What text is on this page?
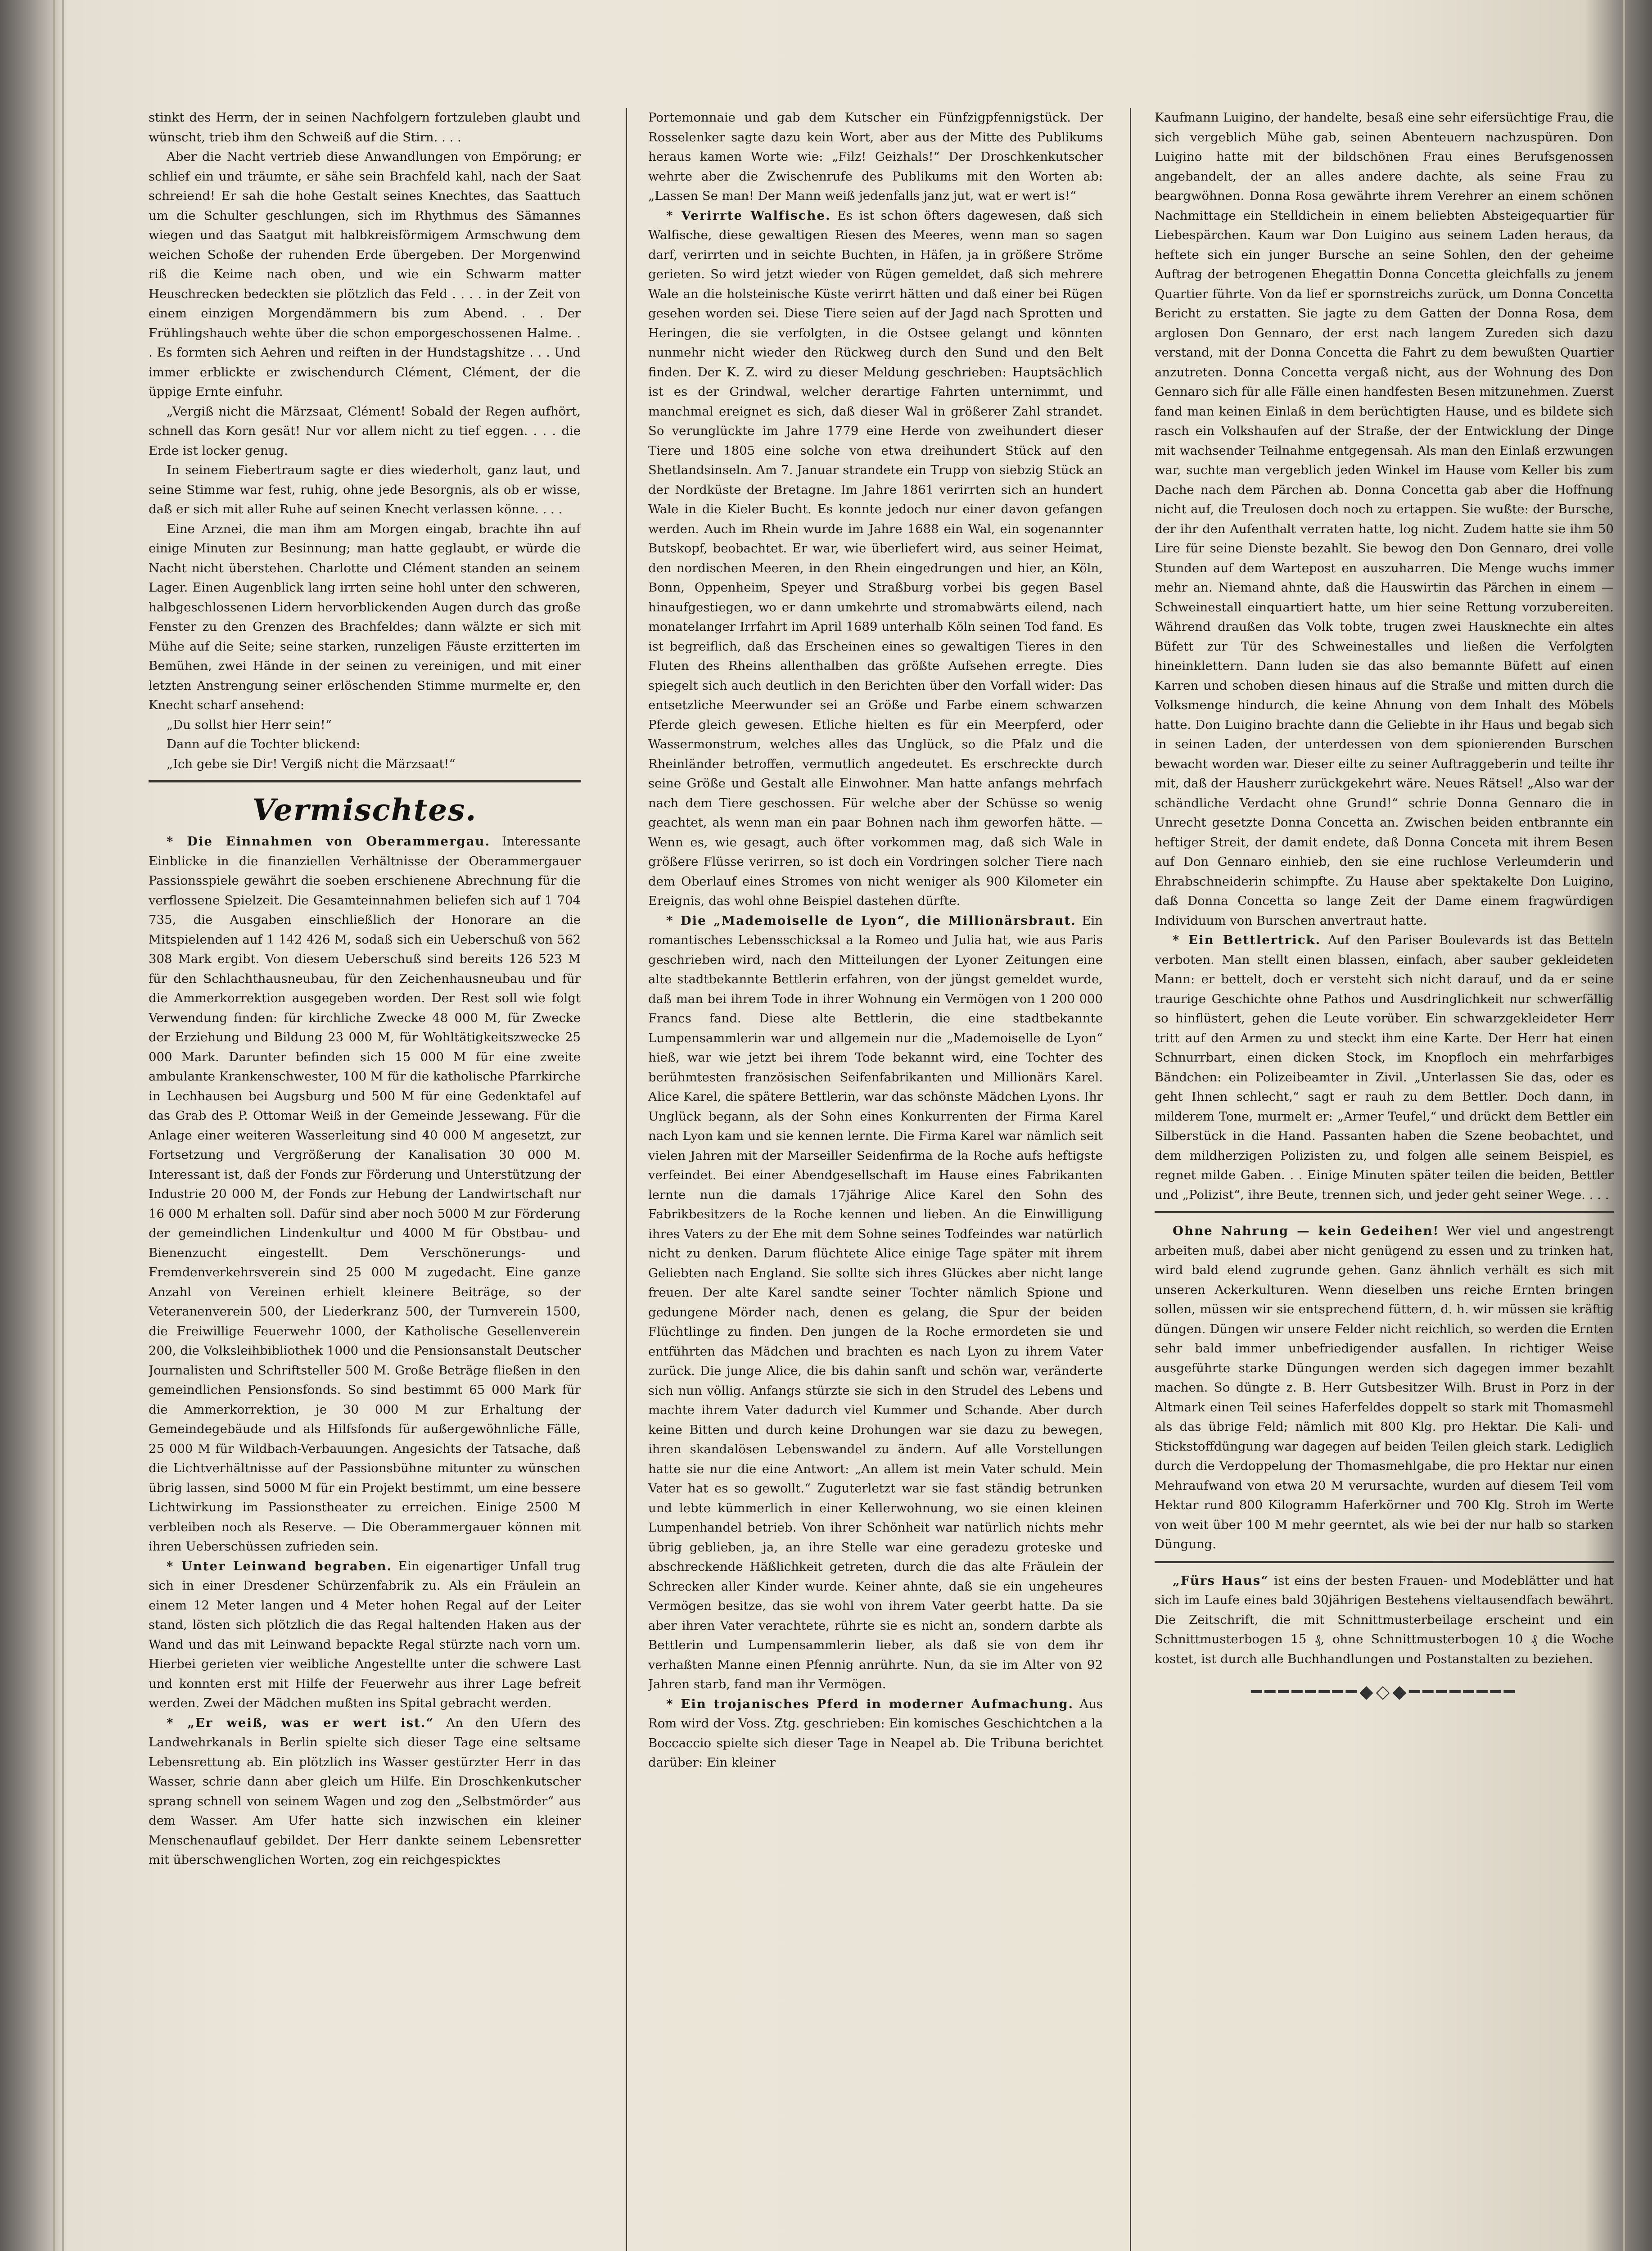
stinkt des Herrn, der in seinen Nachfolgern fortzuleben glaubt und wünscht, trieb ihm den Schweiß auf die Stirn. . . .

Aber die Nacht vertrieb diese Anwandlungen von Empörung; er schlief ein und träumte, er sähe sein Brachfeld kahl, nach der Saat schreiend! Er sah die hohe Gestalt seines Knechtes, das Saattuch um die Schulter geschlungen, sich im Rhythmus des Sämannes wiegen und das Saatgut mit halbkreisförmigem Armschwung dem weichen Schoße der ruhenden Erde übergeben. Der Morgenwind riß die Keime nach oben, und wie ein Schwarm matter Heuschrecken bedeckten sie plötzlich das Feld . . . . in der Zeit von einem einzigen Morgendämmern bis zum Abend. . . Der Frühlingshauch wehte über die schon emporgeschossenen Halme. . . Es formten sich Aehren und reiften in der Hundstagshitze . . . Und immer erblickte er zwischendurch Clément, Clément, der die üppige Ernte einfuhr.

„Vergiß nicht die Märzsaat, Clément! Sobald der Regen aufhört, schnell das Korn gesät! Nur vor allem nicht zu tief eggen. . . . die Erde ist locker genug.

In seinem Fiebertraum sagte er dies wiederholt, ganz laut, und seine Stimme war fest, ruhig, ohne jede Besorgnis, als ob er wisse, daß er sich mit aller Ruhe auf seinen Knecht verlassen könne. . . .

Eine Arznei, die man ihm am Morgen eingab, brachte ihn auf einige Minuten zur Besinnung; man hatte geglaubt, er würde die Nacht nicht überstehen. Charlotte und Clément standen an seinem Lager. Einen Augenblick lang irrten seine hohl unter den schweren, halbgeschlossenen Lidern hervorblickenden Augen durch das große Fenster zu den Grenzen des Brachfeldes; dann wälzte er sich mit Mühe auf die Seite; seine starken, runzeligen Fäuste erzitterten im Bemühen, zwei Hände in der seinen zu vereinigen, und mit einer letzten Anstrengung seiner erlöschenden Stimme murmelte er, den Knecht scharf ansehend:

„Du sollst hier Herr sein!“

Dann auf die Tochter blickend:

„Ich gebe sie Dir! Vergiß nicht die Märzsaat!“

Vermischtes.

* Die Einnahmen von Oberammergau. Interessante Einblicke in die finanziellen Verhältnisse der Oberammergauer Passionsspiele gewährt die soeben erschienene Abrechnung für die verflossene Spielzeit. Die Gesamteinnahmen beliefen sich auf 1 704 735, die Ausgaben einschließlich der Honorare an die Mitspielenden auf 1 142 426 M, sodaß sich ein Ueberschuß von 562 308 Mark ergibt. Von diesem Ueberschuß sind bereits 126 523 M für den Schlachthausneubau, für den Zeichenhausneubau und für die Ammerkorrektion ausgegeben worden. Der Rest soll wie folgt Verwendung finden: für kirchliche Zwecke 48 000 M, für Zwecke der Erziehung und Bildung 23 000 M, für Wohltätigkeitszwecke 25 000 Mark. Darunter befinden sich 15 000 M für eine zweite ambulante Krankenschwester, 100 M für die katholische Pfarrkirche in Lechhausen bei Augsburg und 500 M für eine Gedenktafel auf das Grab des P. Ottomar Weiß in der Gemeinde Jessewang. Für die Anlage einer weiteren Wasserleitung sind 40 000 M angesetzt, zur Fortsetzung und Vergrößerung der Kanalisation 30 000 M. Interessant ist, daß der Fonds zur Förderung und Unterstützung der Industrie 20 000 M, der Fonds zur Hebung der Landwirtschaft nur 16 000 M erhalten soll. Dafür sind aber noch 5000 M zur Förderung der gemeindlichen Lindenkultur und 4000 M für Obstbau- und Bienenzucht eingestellt. Dem Verschönerungs- und Fremdenverkehrsverein sind 25 000 M zugedacht. Eine ganze Anzahl von Vereinen erhielt kleinere Beiträge, so der Veteranenverein 500, der Liederkranz 500, der Turnverein 1500, die Freiwillige Feuerwehr 1000, der Katholische Gesellenverein 200, die Volksleihbibliothek 1000 und die Pensionsanstalt Deutscher Journalisten und Schriftsteller 500 M. Große Beträge fließen in den gemeindlichen Pensionsfonds. So sind bestimmt 65 000 Mark für die Ammerkorrektion, je 30 000 M zur Erhaltung der Gemeindegebäude und als Hilfsfonds für außergewöhnliche Fälle, 25 000 M für Wildbach-Verbauungen. Angesichts der Tatsache, daß die Lichtverhältnisse auf der Passionsbühne mitunter zu wünschen übrig lassen, sind 5000 M für ein Projekt bestimmt, um eine bessere Lichtwirkung im Passionstheater zu erreichen. Einige 2500 M verbleiben noch als Reserve. — Die Oberammergauer können mit ihren Ueberschüssen zufrieden sein.

* Unter Leinwand begraben. Ein eigenartiger Unfall trug sich in einer Dresdener Schürzenfabrik zu. Als ein Fräulein an einem 12 Meter langen und 4 Meter hohen Regal auf der Leiter stand, lösten sich plötzlich die das Regal haltenden Haken aus der Wand und das mit Leinwand bepackte Regal stürzte nach vorn um. Hierbei gerieten vier weibliche Angestellte unter die schwere Last und konnten erst mit Hilfe der Feuerwehr aus ihrer Lage befreit werden. Zwei der Mädchen mußten ins Spital gebracht werden.

* „Er weiß, was er wert ist.“ An den Ufern des Landwehrkanals in Berlin spielte sich dieser Tage eine seltsame Lebensrettung ab. Ein plötzlich ins Wasser gestürzter Herr in das Wasser, schrie dann aber gleich um Hilfe. Ein Droschkenkutscher sprang schnell von seinem Wagen und zog den „Selbstmörder“ aus dem Wasser. Am Ufer hatte sich inzwischen ein kleiner Menschenauflauf gebildet. Der Herr dankte seinem Lebensretter mit überschwenglichen Worten, zog ein reichgespicktes

Portemonnaie und gab dem Kutscher ein Fünfzigpfennigstück. Der Rosselenker sagte dazu kein Wort, aber aus der Mitte des Publikums heraus kamen Worte wie: „Filz! Geizhals!“ Der Droschkenkutscher wehrte aber die Zwischenrufe des Publikums mit den Worten ab: „Lassen Se man! Der Mann weiß jedenfalls janz jut, wat er wert is!“

* Verirrte Walfische. Es ist schon öfters dagewesen, daß sich Walfische, diese gewaltigen Riesen des Meeres, wenn man so sagen darf, verirrten und in seichte Buchten, in Häfen, ja in größere Ströme gerieten. So wird jetzt wieder von Rügen gemeldet, daß sich mehrere Wale an die holsteinische Küste verirrt hätten und daß einer bei Rügen gesehen worden sei. Diese Tiere seien auf der Jagd nach Sprotten und Heringen, die sie verfolgten, in die Ostsee gelangt und könnten nunmehr nicht wieder den Rückweg durch den Sund und den Belt finden. Der K. Z. wird zu dieser Meldung geschrieben: Hauptsächlich ist es der Grindwal, welcher derartige Fahrten unternimmt, und manchmal ereignet es sich, daß dieser Wal in größerer Zahl strandet. So verunglückte im Jahre 1779 eine Herde von zweihundert dieser Tiere und 1805 eine solche von etwa dreihundert Stück auf den Shetlandsinseln. Am 7. Januar strandete ein Trupp von siebzig Stück an der Nordküste der Bretagne. Im Jahre 1861 verirrten sich an hundert Wale in die Kieler Bucht. Es konnte jedoch nur einer davon gefangen werden. Auch im Rhein wurde im Jahre 1688 ein Wal, ein sogenannter Butskopf, beobachtet. Er war, wie überliefert wird, aus seiner Heimat, den nordischen Meeren, in den Rhein eingedrungen und hier, an Köln, Bonn, Oppenheim, Speyer und Straßburg vorbei bis gegen Basel hinaufgestiegen, wo er dann umkehrte und stromabwärts eilend, nach monatelanger Irrfahrt im April 1689 unterhalb Köln seinen Tod fand. Es ist begreiflich, daß das Erscheinen eines so gewaltigen Tieres in den Fluten des Rheins allenthalben das größte Aufsehen erregte. Dies spiegelt sich auch deutlich in den Berichten über den Vorfall wider: Das entsetzliche Meerwunder sei an Größe und Farbe einem schwarzen Pferde gleich gewesen. Etliche hielten es für ein Meerpferd, oder Wassermonstrum, welches alles das Unglück, so die Pfalz und die Rheinländer betroffen, vermutlich angedeutet. Es erschreckte durch seine Größe und Gestalt alle Einwohner. Man hatte anfangs mehrfach nach dem Tiere geschossen. Für welche aber der Schüsse so wenig geachtet, als wenn man ein paar Bohnen nach ihm geworfen hätte. — Wenn es, wie gesagt, auch öfter vorkommen mag, daß sich Wale in größere Flüsse verirren, so ist doch ein Vordringen solcher Tiere nach dem Oberlauf eines Stromes von nicht weniger als 900 Kilometer ein Ereignis, das wohl ohne Beispiel dastehen dürfte.

* Die „Mademoiselle de Lyon“, die Millionärsbraut. Ein romantisches Lebensschicksal a la Romeo und Julia hat, wie aus Paris geschrieben wird, nach den Mitteilungen der Lyoner Zeitungen eine alte stadtbekannte Bettlerin erfahren, von der jüngst gemeldet wurde, daß man bei ihrem Tode in ihrer Wohnung ein Vermögen von 1 200 000 Francs fand. Diese alte Bettlerin, die eine stadtbekannte Lumpensammlerin war und allgemein nur die „Mademoiselle de Lyon“ hieß, war wie jetzt bei ihrem Tode bekannt wird, eine Tochter des berühmtesten französischen Seifenfabrikanten und Millionärs Karel. Alice Karel, die spätere Bettlerin, war das schönste Mädchen Lyons. Ihr Unglück begann, als der Sohn eines Konkurrenten der Firma Karel nach Lyon kam und sie kennen lernte. Die Firma Karel war nämlich seit vielen Jahren mit der Marseiller Seidenfirma de la Roche aufs heftigste verfeindet. Bei einer Abendgesellschaft im Hause eines Fabrikanten lernte nun die damals 17jährige Alice Karel den Sohn des Fabrikbesitzers de la Roche kennen und lieben. An die Einwilligung ihres Vaters zu der Ehe mit dem Sohne seines Todfeindes war natürlich nicht zu denken. Darum flüchtete Alice einige Tage später mit ihrem Geliebten nach England. Sie sollte sich ihres Glückes aber nicht lange freuen. Der alte Karel sandte seiner Tochter nämlich Spione und gedungene Mörder nach, denen es gelang, die Spur der beiden Flüchtlinge zu finden. Den jungen de la Roche ermordeten sie und entführten das Mädchen und brachten es nach Lyon zu ihrem Vater zurück. Die junge Alice, die bis dahin sanft und schön war, veränderte sich nun völlig. Anfangs stürzte sie sich in den Strudel des Lebens und machte ihrem Vater dadurch viel Kummer und Schande. Aber durch keine Bitten und durch keine Drohungen war sie dazu zu bewegen, ihren skandalösen Lebenswandel zu ändern. Auf alle Vorstellungen hatte sie nur die eine Antwort: „An allem ist mein Vater schuld. Mein Vater hat es so gewollt.“ Zuguterletzt war sie fast ständig betrunken und lebte kümmerlich in einer Kellerwohnung, wo sie einen kleinen Lumpenhandel betrieb. Von ihrer Schönheit war natürlich nichts mehr übrig geblieben, ja, an ihre Stelle war eine geradezu groteske und abschreckende Häßlichkeit getreten, durch die das alte Fräulein der Schrecken aller Kinder wurde. Keiner ahnte, daß sie ein ungeheures Vermögen besitze, das sie wohl von ihrem Vater geerbt hatte. Da sie aber ihren Vater verachtete, rührte sie es nicht an, sondern darbte als Bettlerin und Lumpensammlerin lieber, als daß sie von dem ihr verhaßten Manne einen Pfennig anrührte. Nun, da sie im Alter von 92 Jahren starb, fand man ihr Vermögen.

* Ein trojanisches Pferd in moderner Aufmachung. Aus Rom wird der Voss. Ztg. geschrieben: Ein komisches Geschichtchen a la Boccaccio spielte sich dieser Tage in Neapel ab. Die Tribuna berichtet darüber: Ein kleiner

Kaufmann Luigino, der handelte, besaß eine sehr eifersüchtige Frau, die sich vergeblich Mühe gab, seinen Abenteuern nachzuspüren. Don Luigino hatte mit der bildschönen Frau eines Berufsgenossen angebandelt, der an alles andere dachte, als seine Frau zu beargwöhnen. Donna Rosa gewährte ihrem Verehrer an einem schönen Nachmittage ein Stelldichein in einem beliebten Absteigequartier für Liebespärchen. Kaum war Don Luigino aus seinem Laden heraus, da heftete sich ein junger Bursche an seine Sohlen, den der geheime Auftrag der betrogenen Ehegattin Donna Concetta gleichfalls zu jenem Quartier führte. Von da lief er spornstreichs zurück, um Donna Concetta Bericht zu erstatten. Sie jagte zu dem Gatten der Donna Rosa, dem arglosen Don Gennaro, der erst nach langem Zureden sich dazu verstand, mit der Donna Concetta die Fahrt zu dem bewußten Quartier anzutreten. Donna Concetta vergaß nicht, aus der Wohnung des Don Gennaro sich für alle Fälle einen handfesten Besen mitzunehmen. Zuerst fand man keinen Einlaß in dem berüchtigten Hause, und es bildete sich rasch ein Volkshaufen auf der Straße, der der Entwicklung der Dinge mit wachsender Teilnahme entgegensah. Als man den Einlaß erzwungen war, suchte man vergeblich jeden Winkel im Hause vom Keller bis zum Dache nach dem Pärchen ab. Donna Concetta gab aber die Hoffnung nicht auf, die Treulosen doch noch zu ertappen. Sie wußte: der Bursche, der ihr den Aufenthalt verraten hatte, log nicht. Zudem hatte sie ihm 50 Lire für seine Dienste bezahlt. Sie bewog den Don Gennaro, drei volle Stunden auf dem Wartepost en auszuharren. Die Menge wuchs immer mehr an. Niemand ahnte, daß die Hauswirtin das Pärchen in einem — Schweinestall einquartiert hatte, um hier seine Rettung vorzubereiten. Während draußen das Volk tobte, trugen zwei Hausknechte ein altes Büfett zur Tür des Schweinestalles und ließen die Verfolgten hineinklettern. Dann luden sie das also bemannte Büfett auf einen Karren und schoben diesen hinaus auf die Straße und mitten durch die Volksmenge hindurch, die keine Ahnung von dem Inhalt des Möbels hatte. Don Luigino brachte dann die Geliebte in ihr Haus und begab sich in seinen Laden, der unterdessen von dem spionierenden Burschen bewacht worden war. Dieser eilte zu seiner Auftraggeberin und teilte ihr mit, daß der Hausherr zurückgekehrt wäre. Neues Rätsel! „Also war der schändliche Verdacht ohne Grund!“ schrie Donna Gennaro die in Unrecht gesetzte Donna Concetta an. Zwischen beiden entbrannte ein heftiger Streit, der damit endete, daß Donna Conceta mit ihrem Besen auf Don Gennaro einhieb, den sie eine ruchlose Verleumderin und Ehrabschneiderin schimpfte. Zu Hause aber spektakelte Don Luigino, daß Donna Concetta so lange Zeit der Dame einem fragwürdigen Individuum von Burschen anvertraut hatte.

* Ein Bettlertrick. Auf den Pariser Boulevards ist das Betteln verboten. Man stellt einen blassen, einfach, aber sauber gekleideten Mann: er bettelt, doch er versteht sich nicht darauf, und da er seine traurige Geschichte ohne Pathos und Ausdringlichkeit nur schwerfällig so hinflüstert, gehen die Leute vorüber. Ein schwarzgekleideter Herr tritt auf den Armen zu und steckt ihm eine Karte. Der Herr hat einen Schnurrbart, einen dicken Stock, im Knopfloch ein mehrfarbiges Bändchen: ein Polizeibeamter in Zivil. „Unterlassen Sie das, oder es geht Ihnen schlecht,“ sagt er rauh zu dem Bettler. Doch dann, in milderem Tone, murmelt er: „Armer Teufel,“ und drückt dem Bettler ein Silberstück in die Hand. Passanten haben die Szene beobachtet, und dem mildherzigen Polizisten zu, und folgen alle seinem Beispiel, es regnet milde Gaben. . . Einige Minuten später teilen die beiden, Bettler und „Polizist“, ihre Beute, trennen sich, und jeder geht seiner Wege. . . .

Ohne Nahrung — kein Gedeihen! Wer viel und angestrengt arbeiten muß, dabei aber nicht genügend zu essen und zu trinken hat, wird bald elend zugrunde gehen. Ganz ähnlich verhält es sich mit unseren Ackerkulturen. Wenn dieselben uns reiche Ernten bringen sollen, müssen wir sie entsprechend füttern, d. h. wir müssen sie kräftig düngen. Düngen wir unsere Felder nicht reichlich, so werden die Ernten sehr bald immer unbefriedigender ausfallen. In richtiger Weise ausgeführte starke Düngungen werden sich dagegen immer bezahlt machen. So düngte z. B. Herr Gutsbesitzer Wilh. Brust in Porz in der Altmark einen Teil seines Haferfeldes doppelt so stark mit Thomasmehl als das übrige Feld; nämlich mit 800 Klg. pro Hektar. Die Kali- und Stickstoffdüngung war dagegen auf beiden Teilen gleich stark. Lediglich durch die Verdoppelung der Thomasmehlgabe, die pro Hektar nur einen Mehraufwand von etwa 20 M verursachte, wurden auf diesem Teil vom Hektar rund 800 Kilogramm Haferkörner und 700 Klg. Stroh im Werte von weit über 100 M mehr geerntet, als wie bei der nur halb so starken Düngung.

„Fürs Haus“ ist eins der besten Frauen- und Modeblätter und hat sich im Laufe eines bald 30jährigen Bestehens vieltausendfach bewährt. Die Zeitschrift, die mit Schnittmusterbeilage erscheint und ein Schnittmusterbogen 15 ₰, ohne Schnittmusterbogen 10 ₰ die Woche kostet, ist durch alle Buchhandlungen und Postanstalten zu beziehen.

━━━━━━━━◆◇◆━━━━━━━━
